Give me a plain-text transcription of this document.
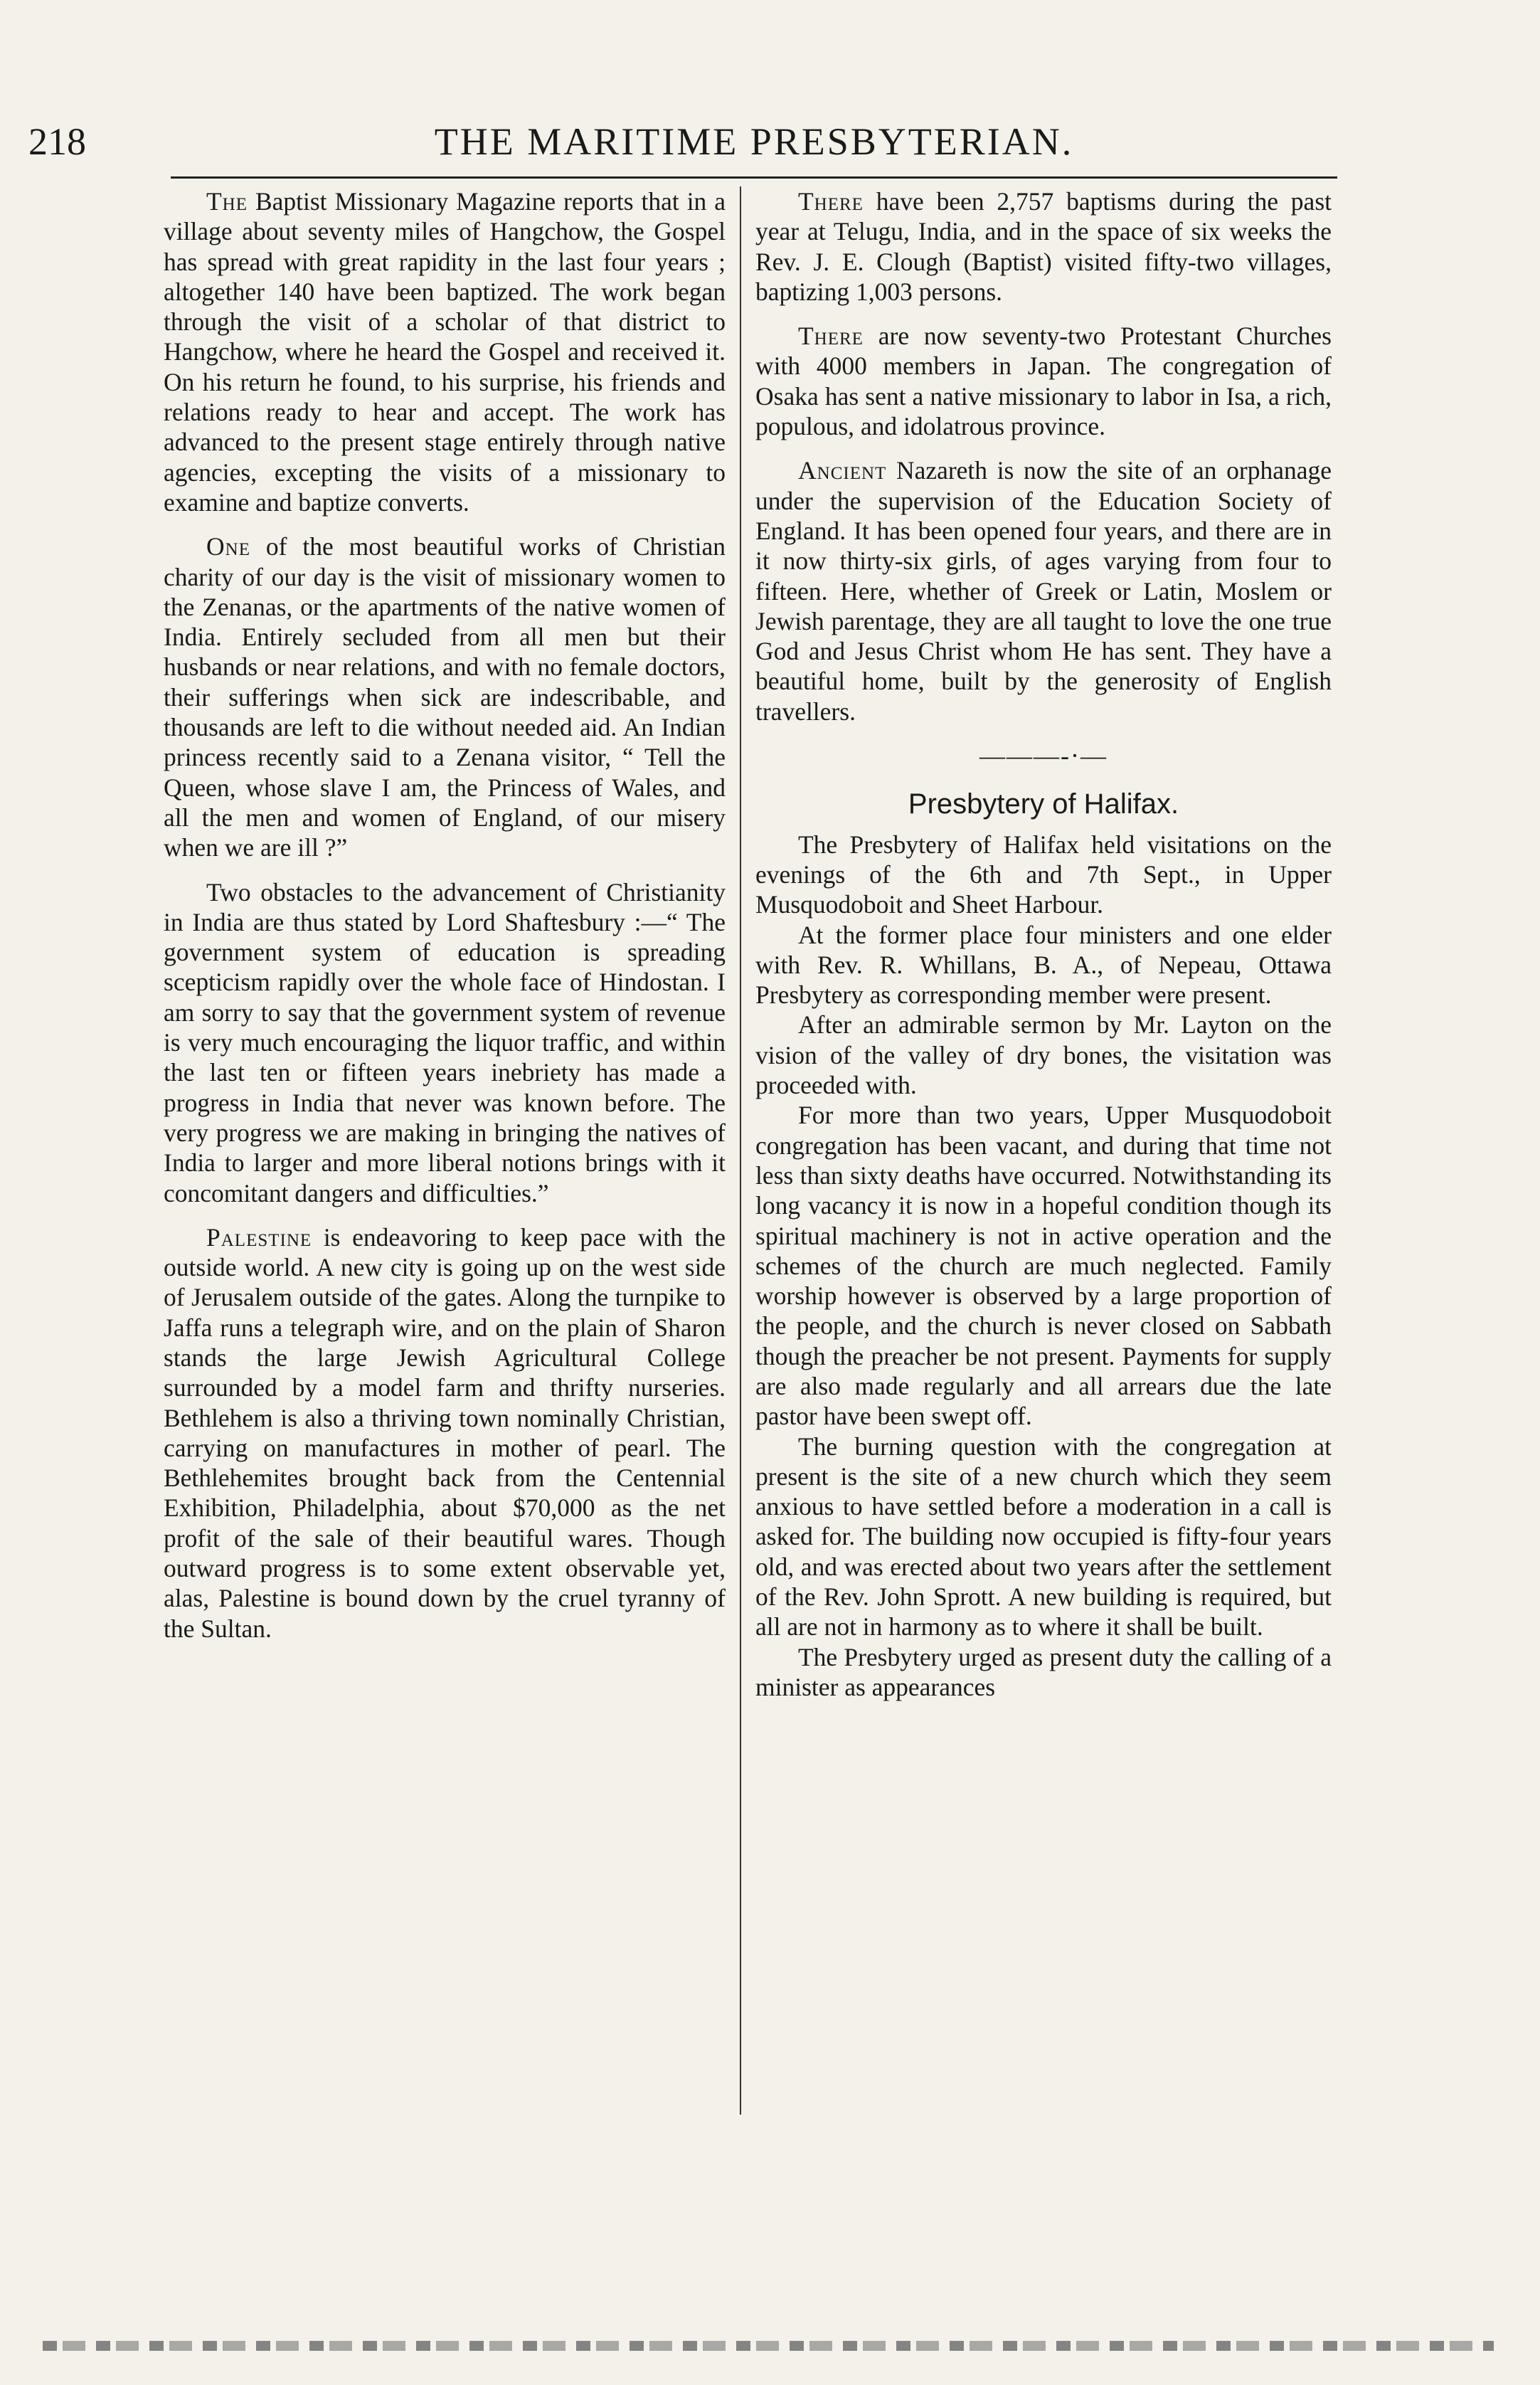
218	THE MARITIME PRESBYTERIAN.

The Baptist Missionary Magazine reports that in a village about seventy miles of Hangchow, the Gospel has spread with great rapidity in the last four years ; altogether 140 have been baptized. The work began through the visit of a scholar of that district to Hangchow, where he heard the Gospel and received it. On his return he found, to his surprise, his friends and relations ready to hear and accept. The work has advanced to the present stage entirely through native agencies, excepting the visits of a missionary to examine and baptize converts.

One of the most beautiful works of Christian charity of our day is the visit of missionary women to the Zenanas, or the apartments of the native women of India. Entirely secluded from all men but their husbands or near relations, and with no female doctors, their sufferings when sick are indescribable, and thousands are left to die without needed aid. An Indian princess recently said to a Zenana visitor, “ Tell the Queen, whose slave I am, the Princess of Wales, and all the men and women of England, of our misery when we are ill ?”

Two obstacles to the advancement of Christianity in India are thus stated by Lord Shaftesbury :—“ The government system of education is spreading scepticism rapidly over the whole face of Hindostan. I am sorry to say that the government system of revenue is very much encouraging the liquor traffic, and within the last ten or fifteen years inebriety has made a progress in India that never was known before. The very progress we are making in bringing the natives of India to larger and more liberal notions brings with it concomitant dangers and difficulties.”

Palestine is endeavoring to keep pace with the outside world. A new city is going up on the west side of Jerusalem outside of the gates. Along the turnpike to Jaffa runs a telegraph wire, and on the plain of Sharon stands the large Jewish Agricultural College surrounded by a model farm and thrifty nurseries. Bethlehem is also a thriving town nominally Christian, carrying on manufactures in mother of pearl. The Bethlehemites brought back from the Centennial Exhibition, Philadelphia, about $70,000 as the net profit of the sale of their beautiful wares. Though outward progress is to some extent observable yet, alas, Palestine is bound down by the cruel tyranny of the Sultan.

There have been 2,757 baptisms during the past year at Telugu, India, and in the space of six weeks the Rev. J. E. Clough (Baptist) visited fifty-two villages, baptizing 1,003 persons.

There are now seventy-two Protestant Churches with 4000 members in Japan. The congregation of Osaka has sent a native missionary to labor in Isa, a rich, populous, and idolatrous province.

Ancient Nazareth is now the site of an orphanage under the supervision of the Education Society of England. It has been opened four years, and there are in it now thirty-six girls, of ages varying from four to fifteen. Here, whether of Greek or Latin, Moslem or Jewish parentage, they are all taught to love the one true God and Jesus Christ whom He has sent. They have a beautiful home, built by the generosity of English travellers.

———-·—
Presbytery of Halifax.

The Presbytery of Halifax held visitations on the evenings of the 6th and 7th Sept., in Upper Musquodoboit and Sheet Harbour.

At the former place four ministers and one elder with Rev. R. Whillans, B. A., of Nepeau, Ottawa Presbytery as corresponding member were present.

After an admirable sermon by Mr. Layton on the vision of the valley of dry bones, the visitation was proceeded with.

For more than two years, Upper Musquodoboit congregation has been vacant, and during that time not less than sixty deaths have occurred. Notwithstanding its long vacancy it is now in a hopeful condition though its spiritual machinery is not in active operation and the schemes of the church are much neglected. Family worship however is observed by a large proportion of the people, and the church is never closed on Sabbath though the preacher be not present. Payments for supply are also made regularly and all arrears due the late pastor have been swept off.

The burning question with the congregation at present is the site of a new church which they seem anxious to have settled before a moderation in a call is asked for. The building now occupied is fifty-four years old, and was erected about two years after the settlement of the Rev. John Sprott. A new building is required, but all are not in harmony as to where it shall be built.

The Presbytery urged as present duty the calling of a minister as appearances
